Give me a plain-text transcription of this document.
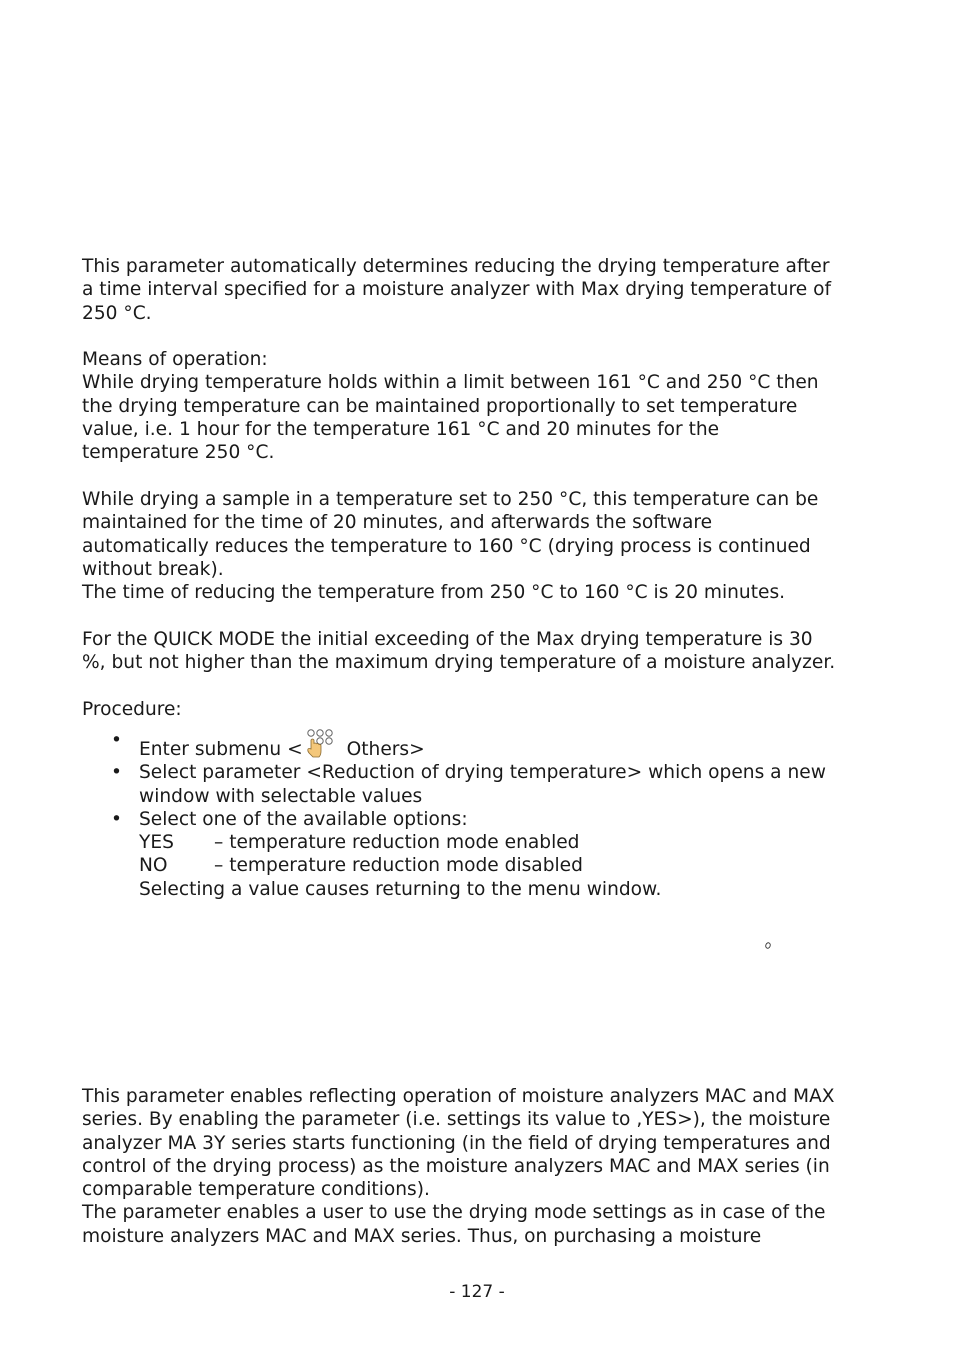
This parameter automatically determines reducing the drying temperature after

a time interval specified for a moisture analyzer with Max drying temperature of

250 °C.

Means of operation:

While drying temperature holds within a limit between 161 °C and 250 °C then

the drying temperature can be maintained proportionally to set temperature

value, i.e. 1 hour for the temperature 161 °C and 20 minutes for the

temperature 250 °C.

While drying a sample in a temperature set to 250 °C, this temperature can be

maintained for the time of 20 minutes, and afterwards the software

automatically reduces the temperature to 160 °C (drying process is continued

without break).

The time of reducing the temperature from 250 °C to 160 °C is 20 minutes.

For the QUICK MODE the initial exceeding of the Max drying temperature is 30

%, but not higher than the maximum drying temperature of a moisture analyzer.

Procedure:

• Enter submenu < Others>
• Select parameter <Reduction of drying temperature> which opens a new
window with selectable values
• Select one of the available options:
YES – temperature reduction mode enabled
NO – temperature reduction mode disabled
Selecting a value causes returning to the menu window.

This parameter enables reflecting operation of moisture analyzers MAC and MAX

series. By enabling the parameter (i.e. settings its value to ‚YES>), the moisture

analyzer MA 3Y series starts functioning (in the field of drying temperatures and

control of the drying process) as the moisture analyzers MAC and MAX series (in

comparable temperature conditions).

The parameter enables a user to use the drying mode settings as in case of the

moisture analyzers MAC and MAX series. Thus, on purchasing a moisture

- 127 -
